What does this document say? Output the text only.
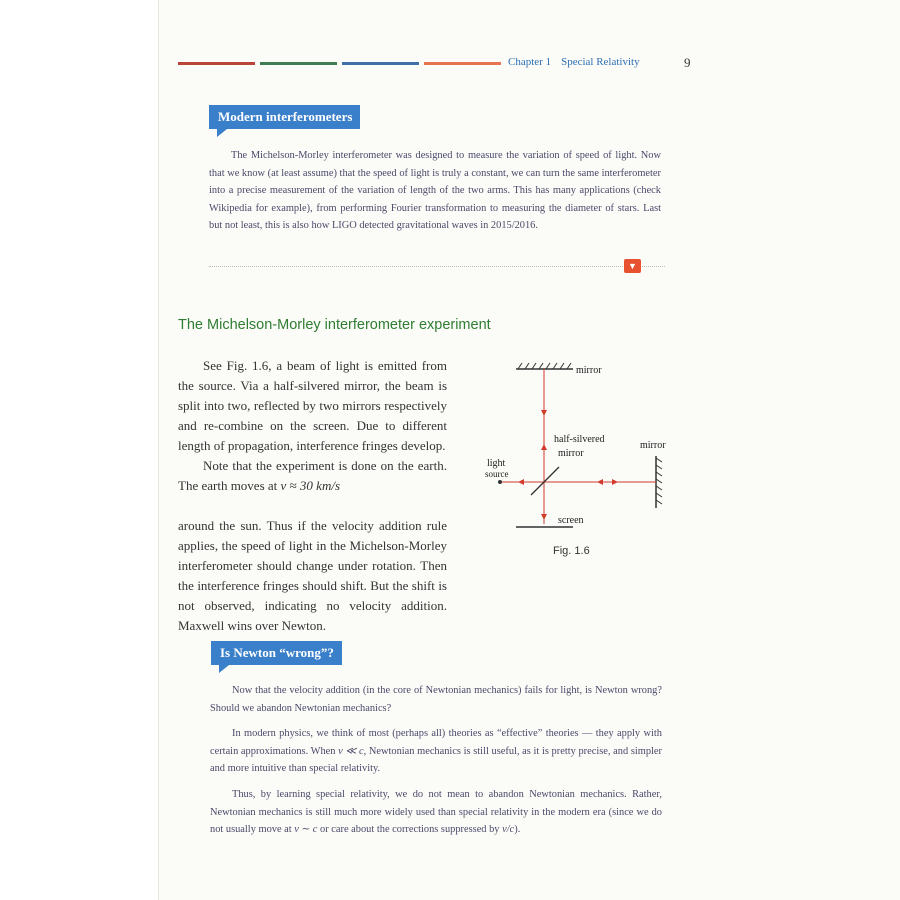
Chapter 1 Special Relativity	9
Modern interferometers

The Michelson-Morley interferometer was designed to measure the variation of speed of light. Now that we know (at least assume) that the speed of light is truly a constant, we can turn the same interferometer into a precise measurement of the variation of length of the two arms. This has many applications (check Wikipedia for example), from performing Fourier transformation to measuring the diameter of stars. Last but not least, this is also how LIGO detected gravitational waves in 2015/2016.

▼
The Michelson-Morley interferometer experiment

See Fig. 1.6, a beam of light is emitted from the source. Via a half-silvered mirror, the beam is split into two, reflected by two mirrors respectively and re-combine on the screen. Due to different length of propagation, interference fringes develop.

Note that the experiment is done on the earth. The earth moves at v ≈ 30 km/s

around the sun. Thus if the velocity addition rule applies, the speed of light in the Michelson-Morley interferometer should change under rotation. Then the interference fringes should shift. But the shift is not observed, indicating no velocity addition. Maxwell wins over Newton.

mirror
half-silvered
mirror
mirror
light
source
screen
Fig. 1.6
Is Newton “wrong”?

Now that the velocity addition (in the core of Newtonian mechanics) fails for light, is Newton wrong? Should we abandon Newtonian mechanics?

In modern physics, we think of most (perhaps all) theories as “effective” theories — they apply with certain approximations. When v ≪ c, Newtonian mechanics is still useful, as it is pretty precise, and simpler and more intuitive than special relativity.

Thus, by learning special relativity, we do not mean to abandon Newtonian mechanics. Rather, Newtonian mechanics is still much more widely used than special relativity in the modern era (since we do not usually move at v ∼ c or care about the corrections suppressed by v/c).
